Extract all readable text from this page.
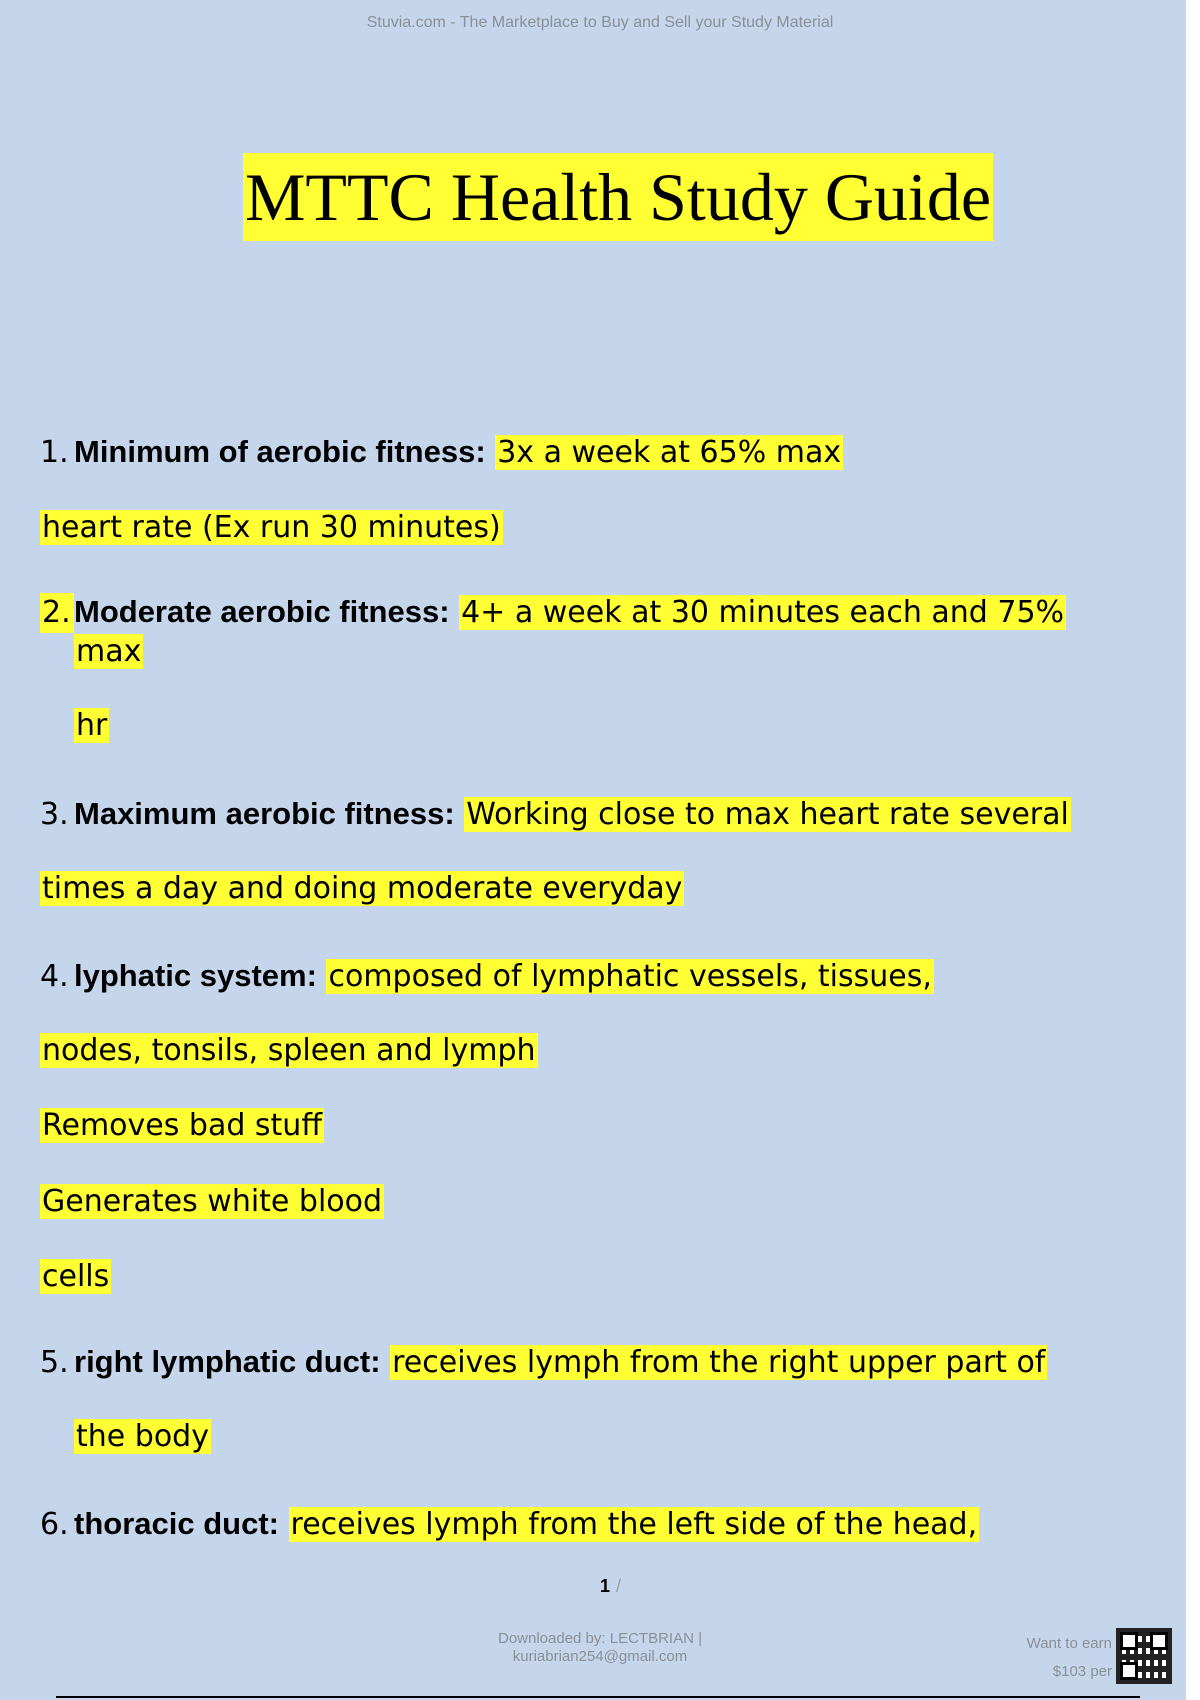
Stuvia.com - The Marketplace to Buy and Sell your Study Material
MTTC Health Study Guide
1. Minimum of aerobic fitness: 3x a week at 65% max
heart rate (Ex run 30 minutes)
2. Moderate aerobic fitness: 4+ a week at 30 minutes each and 75%
max
hr
3. Maximum aerobic fitness: Working close to max heart rate several
times a day and doing moderate everyday
4. lyphatic system: composed of lymphatic vessels, tissues,
nodes, tonsils, spleen and lymph
Removes bad stuff
Generates white blood
cells
5. right lymphatic duct: receives lymph from the right upper part of
the body
6. thoracic duct: receives lymph from the left side of the head,
1 /
Downloaded by: LECTBRIAN |
kuriabrian254@gmail.com
Want to earn
$103 per
